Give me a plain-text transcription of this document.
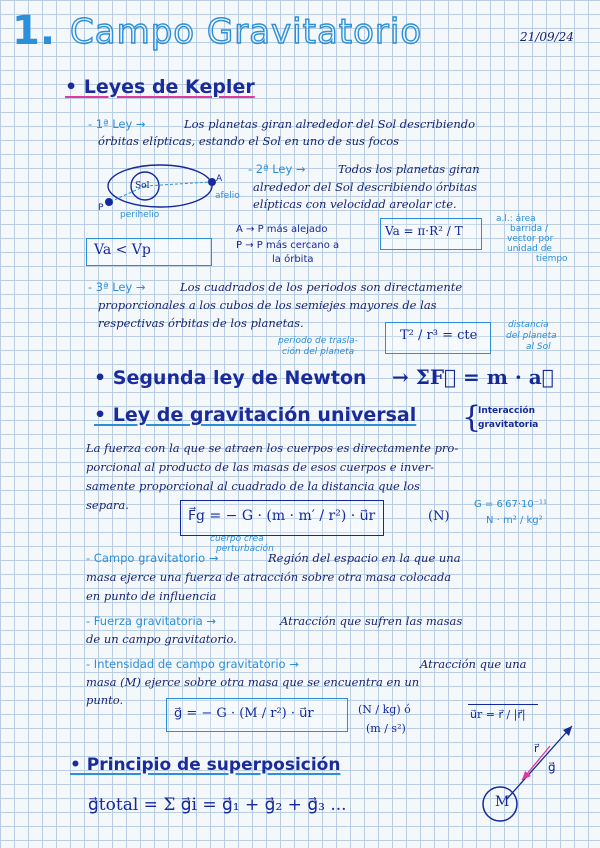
1. Campo Gravitatorio	21/09/24
• Leyes de Kepler
- 1ª Ley →	Los planetas giran alrededor del Sol describiendo
órbitas elípticas, estando el Sol en uno de sus focos
Sol
afelio
perihelio
A
P
Va < Vp
- 2ª Ley →	Todos los planetas giran
alrededor del Sol describiendo órbitas
elípticas con velocidad areolar cte.
A → P más alejado
P → P más cercano a
la órbita
Va = π·R² / T
a.l.: área
barrida /
vector por
unidad de
tiempo
- 3ª Ley →	Los cuadrados de los periodos son directamente
proporcionales a los cubos de los semiejes mayores de las
respectivas órbitas de los planetas.
T² / r³ = cte
periodo de trasla-
ción del planeta
distancia
del planeta
al Sol
• Segunda ley de Newton → ΣF⃗ = m · a⃗
• Ley de gravitación universal {
Interacción
gravitatoria
La fuerza con la que se atraen los cuerpos es directamente pro-
porcional al producto de las masas de esos cuerpos e inver-
samente proporcional al cuadrado de la distancia que los
separa.
F⃗g = − G · (m · m′ / r²) · u⃗r	(N)
G = 6′67·10⁻¹¹
N · m² / kg²
cuerpo crea
perturbación
- Campo gravitatorio →	Región del espacio en la que una
masa ejerce una fuerza de atracción sobre otra masa colocada
en punto de influencia
- Fuerza gravitatoria →	Atracción que sufren las masas
de un campo gravitatorio.
- Intensidad de campo gravitatorio →	Atracción que una
masa (M) ejerce sobre otra masa que se encuentra en un
punto.
g⃗ = − G · (M / r²) · u⃗r	(N / kg) ó
(m / s²)
u⃗r = r⃗ / |r⃗|
• Principio de superposición
g⃗total = Σ g⃗i = g⃗₁ + g⃗₂ + g⃗₃ ...	M
r⃗
g⃗
